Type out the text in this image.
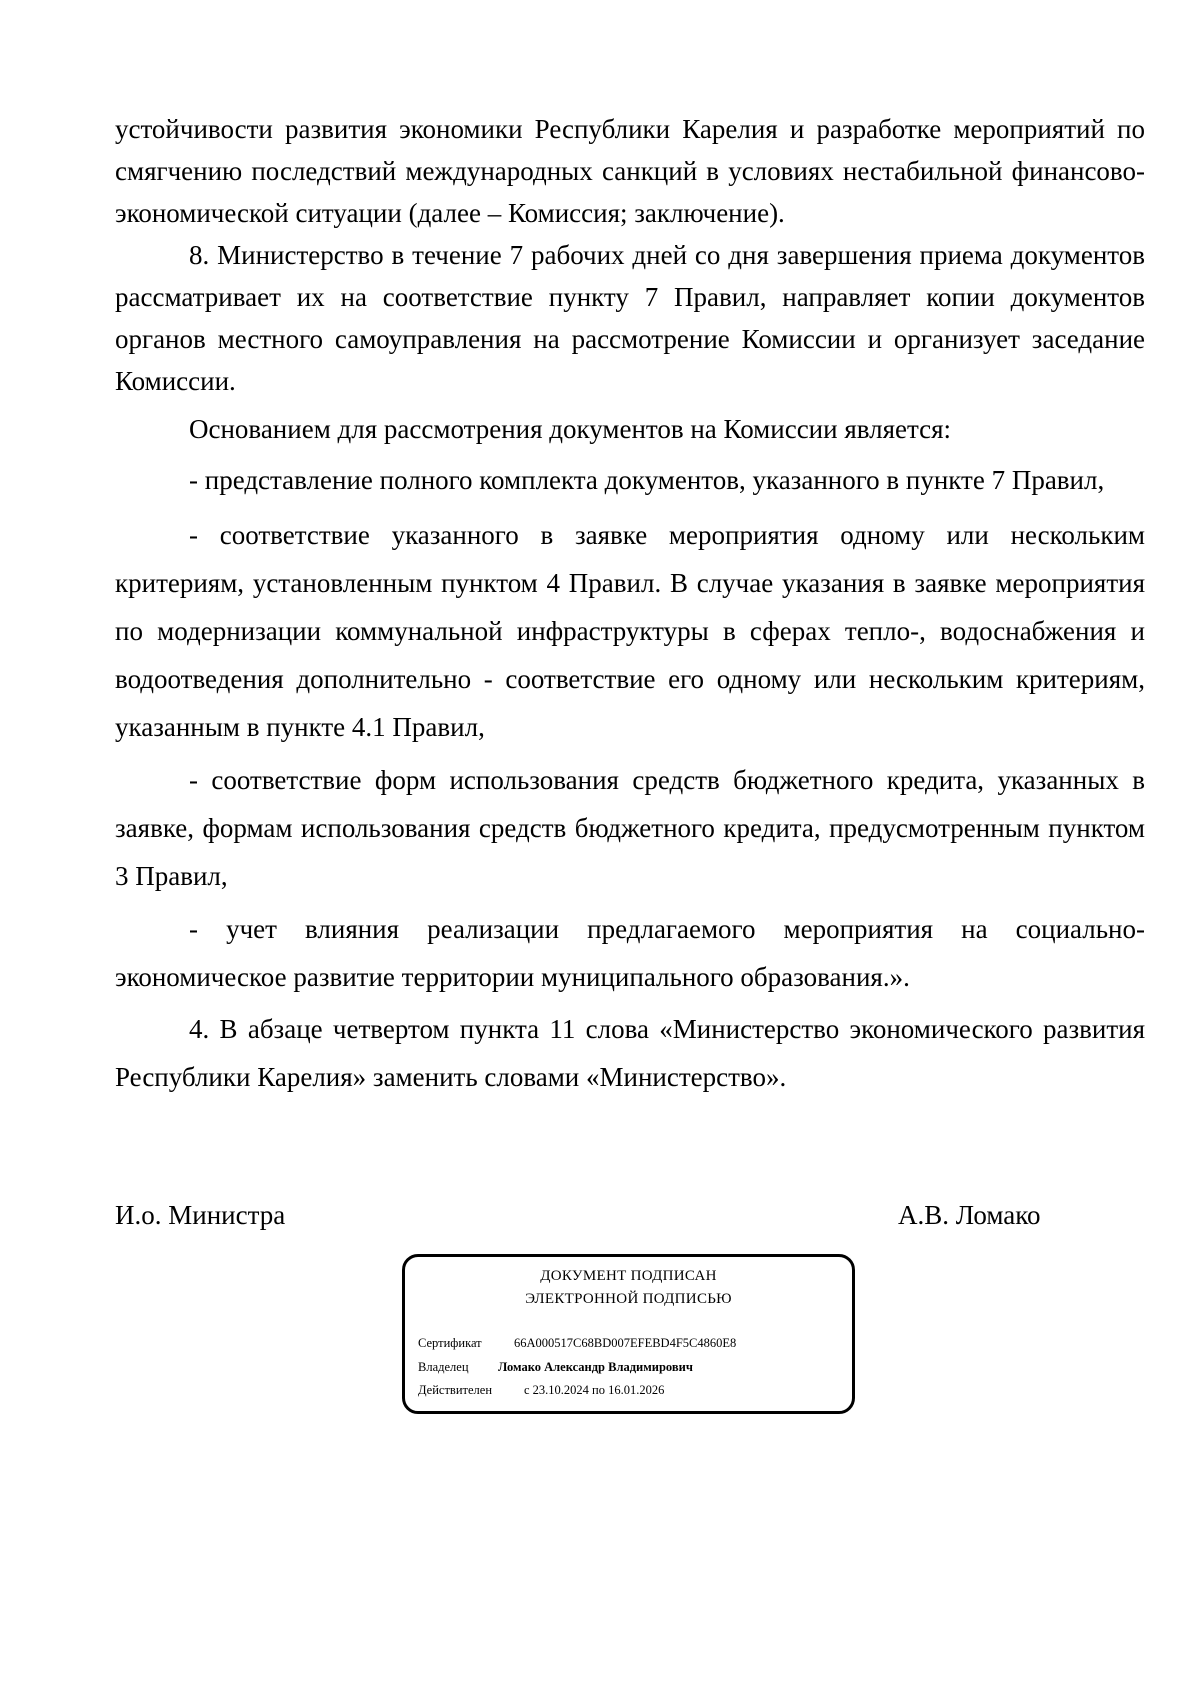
устойчивости развития экономики Республики Карелия и разработке мероприятий по смягчению последствий международных санкций в условиях нестабильной финансово-экономической ситуации (далее – Комиссия; заключение).

8. Министерство в течение 7 рабочих дней со дня завершения приема документов рассматривает их на соответствие пункту 7 Правил, направляет копии документов органов местного самоуправления на рассмотрение Комиссии и организует заседание Комиссии.

Основанием для рассмотрения документов на Комиссии является:

- представление полного комплекта документов, указанного в пункте 7 Правил,

- соответствие указанного в заявке мероприятия одному или нескольким критериям, установленным пунктом 4 Правил. В случае указания в заявке мероприятия по модернизации коммунальной инфраструктуры в сферах тепло-, водоснабжения и водоотведения дополнительно - соответствие его одному или нескольким критериям, указанным в пункте 4.1 Правил,

- соответствие форм использования средств бюджетного кредита, указанных в заявке, формам использования средств бюджетного кредита, предусмотренным пунктом 3 Правил,

- учет влияния реализации предлагаемого мероприятия на социально-экономическое развитие территории муниципального образования.».

4. В абзаце четвертом пункта 11 слова «Министерство экономического развития Республики Карелия» заменить словами «Министерство».

И.о. Министра	А.В. Ломако
ДОКУМЕНТ ПОДПИСАН
ЭЛЕКТРОННОЙ ПОДПИСЬЮ
Сертификат	66A000517C68BD007EFEBD4F5C4860E8
Владелец Ломако Александр Владимирович
Действителен	с 23.10.2024 по 16.01.2026
